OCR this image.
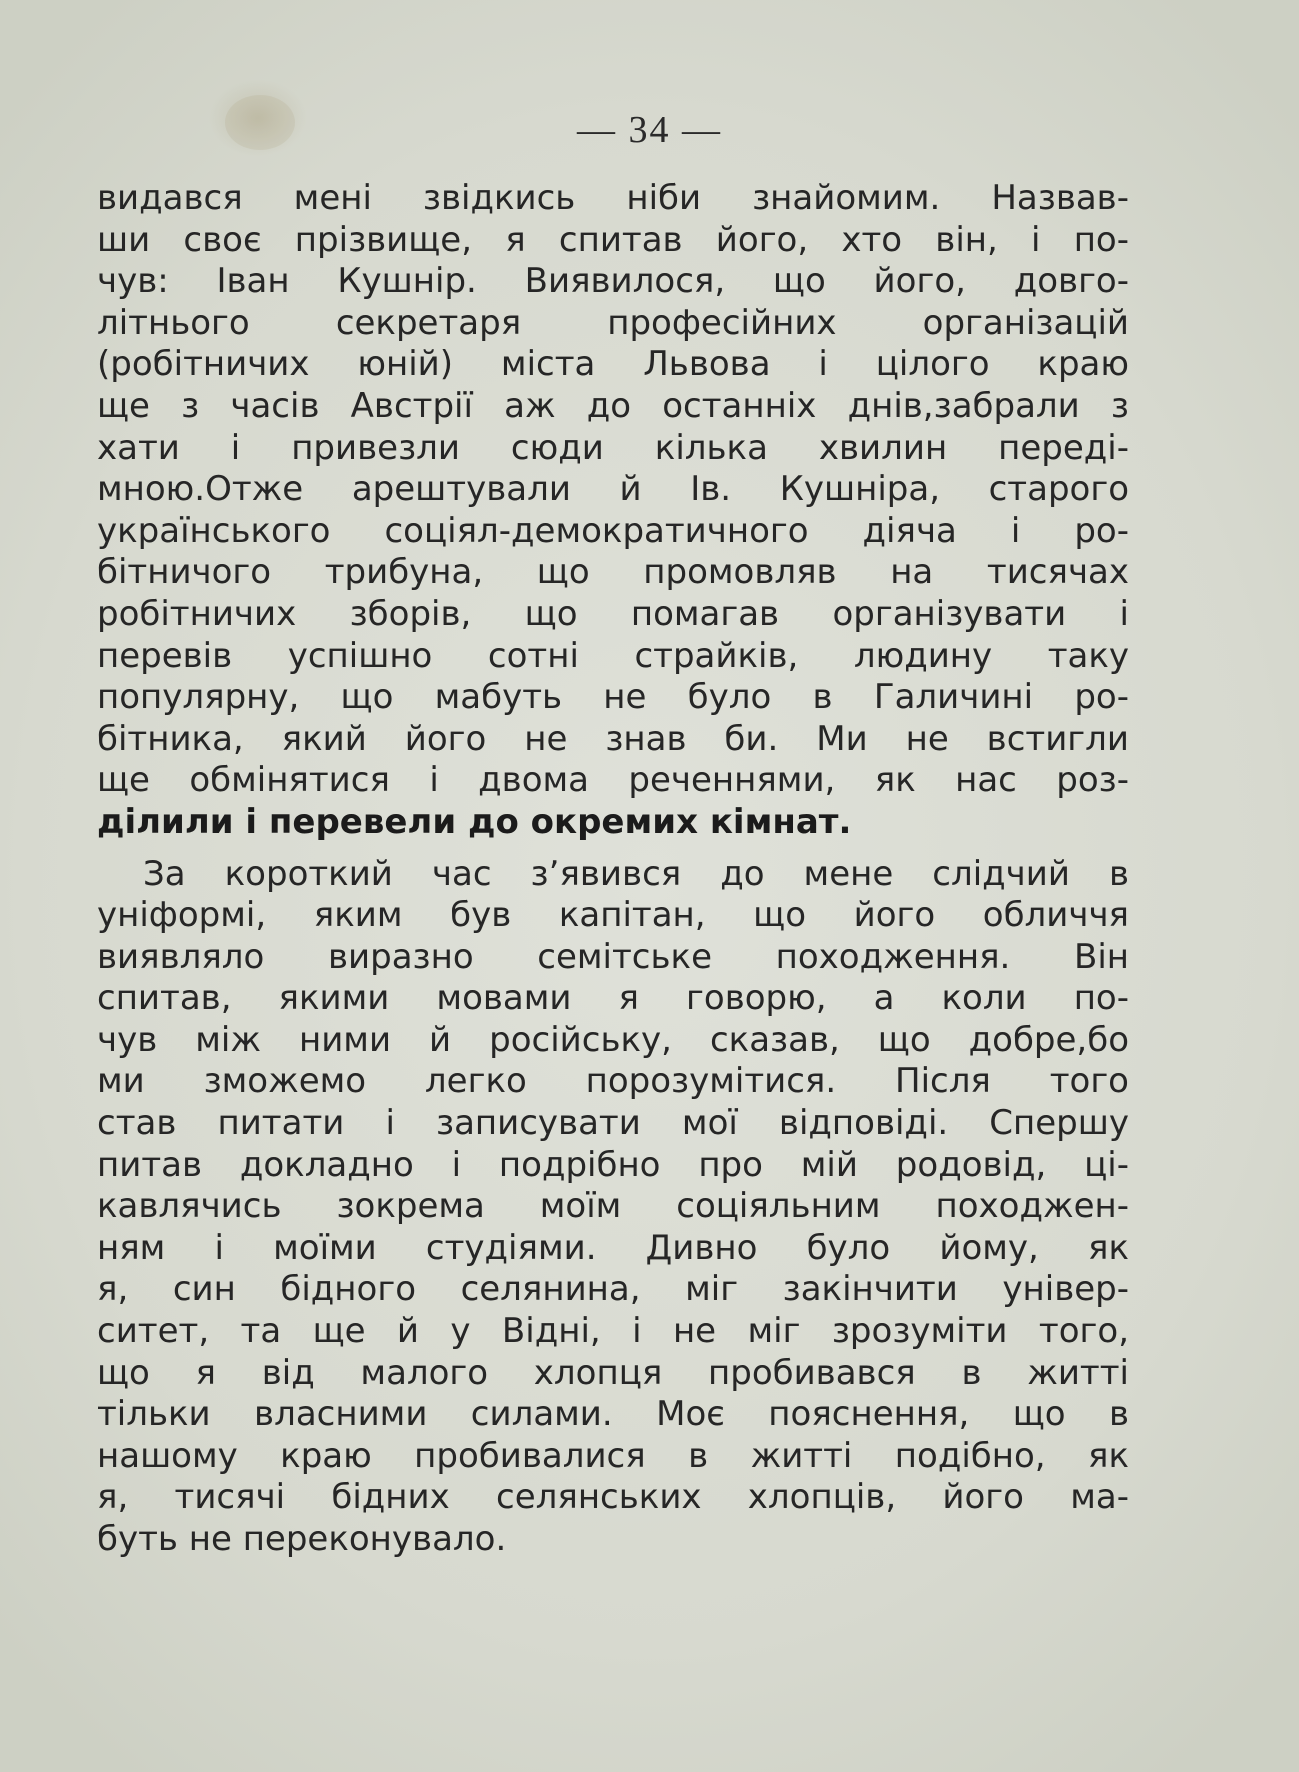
— 34 —
видався мені звідкись ніби знайомим. Назвав-
ши своє прізвище, я спитав його, хто він, і по-
чув: Іван Кушнір. Виявилося, що його, довго-
літнього секретаря професійних організацій
(робітничих юній) міста Львова і цілого краю
ще з часів Австрії аж до останніх днів,забрали з
хати і привезли сюди кілька хвилин переді-
мною.Отже арештували й Ів. Кушніра, старого
українського соціял-демократичного діяча і ро-
бітничого трибуна, що промовляв на тисячах
робітничих зборів, що помагав організувати і
перевів успішно сотні страйків, людину таку
популярну, що мабуть не було в Галичині ро-
бітника, який його не знав би. Ми не встигли
ще обмінятися і двома реченнями, як нас роз-
ділили і перевели до окремих кімнат.
За короткий час з’явився до мене слідчий в
уніформі, яким був капітан, що його обличчя
виявляло виразно семітське походження. Він
спитав, якими мовами я говорю, а коли по-
чув між ними й російську, сказав, що добре,бо
ми зможемо легко порозумітися. Після того
став питати і записувати мої відповіді. Спершу
питав докладно і подрібно про мій родовід, ці-
кавлячись зокрема моїм соціяльним походжен-
ням і моїми студіями. Дивно було йому, як
я, син бідного селянина, міг закінчити універ-
ситет, та ще й у Відні, і не міг зрозуміти того,
що я від малого хлопця пробивався в житті
тільки власними силами. Моє пояснення, що в
нашому краю пробивалися в житті подібно, як
я, тисячі бідних селянських хлопців, його ма-
буть не переконувало.
